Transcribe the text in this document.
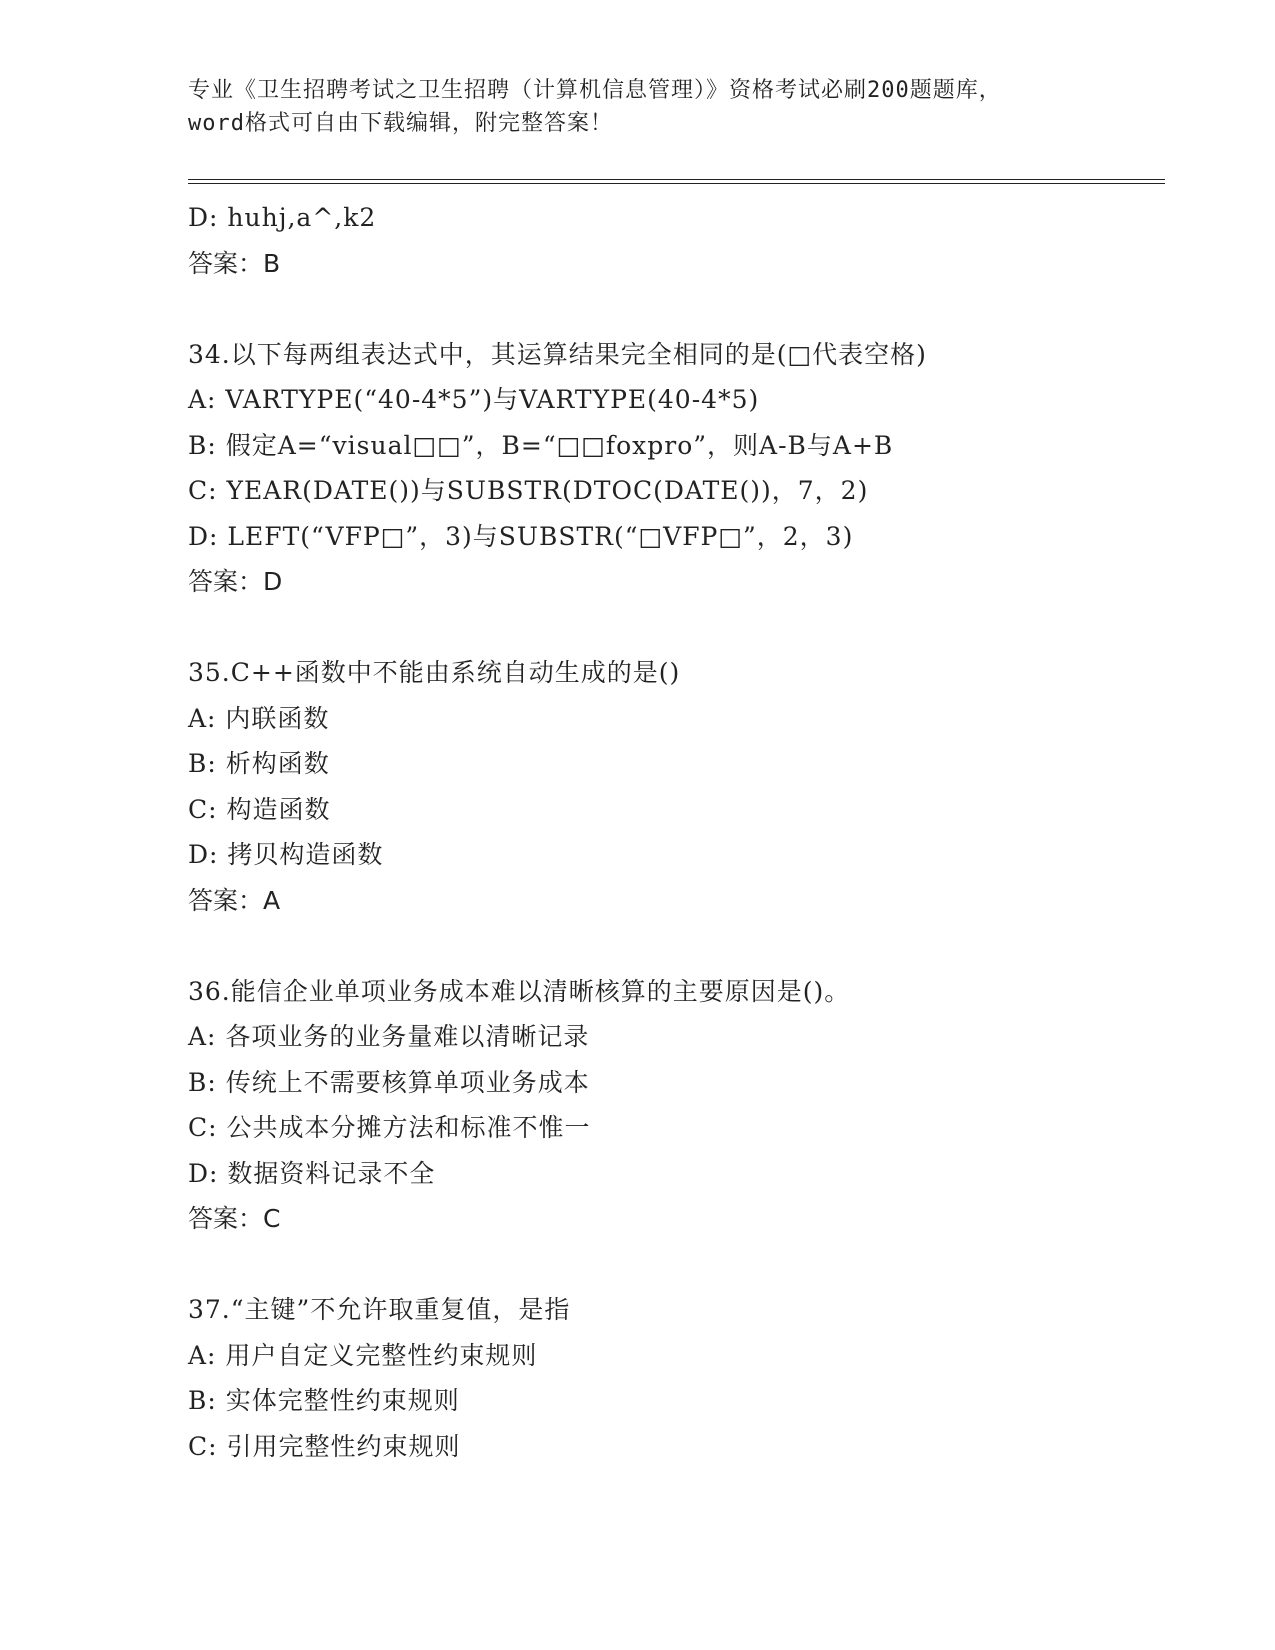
专业《卫生招聘考试之卫生招聘（计算机信息管理）》资格考试必刷200题题库，
word格式可自由下载编辑，附完整答案！
D: huhj,a^,k2
答案：B
34.以下每两组表达式中，其运算结果完全相同的是(□代表空格)
A: VARTYPE(“40-4*5”)与VARTYPE(40-4*5)
B: 假定A=“visual□□”，B=“□□foxpro”，则A-B与A+B
C: YEAR(DATE())与SUBSTR(DTOC(DATE())，7，2)
D: LEFT(“VFP□”，3)与SUBSTR(“□VFP□”，2，3)
答案：D
35.C++函数中不能由系统自动生成的是()
A: 内联函数
B: 析构函数
C: 构造函数
D: 拷贝构造函数
答案：A
36.能信企业单项业务成本难以清晰核算的主要原因是()。
A: 各项业务的业务量难以清晰记录
B: 传统上不需要核算单项业务成本
C: 公共成本分摊方法和标准不惟一
D: 数据资料记录不全
答案：C
37.“主键”不允许取重复值，是指
A: 用户自定义完整性约束规则
B: 实体完整性约束规则
C: 引用完整性约束规则
